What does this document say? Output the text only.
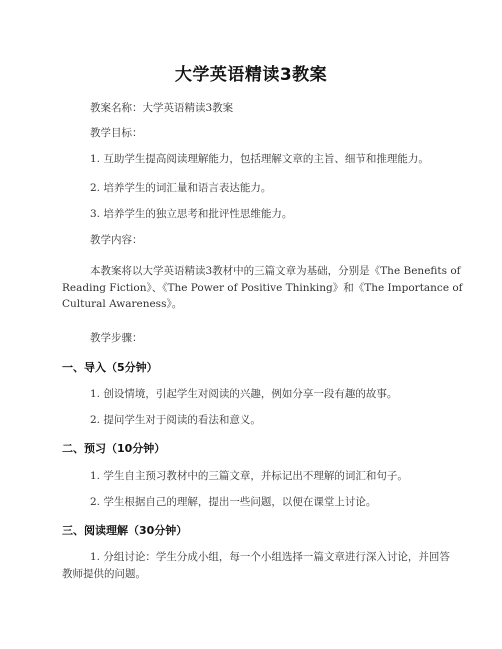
大学英语精读3教案
教案名称：大学英语精读3教案
教学目标：
1. 互助学生提高阅读理解能力，包括理解文章的主旨、细节和推理能力。
2. 培养学生的词汇量和语言表达能力。
3. 培养学生的独立思考和批评性思维能力。
教学内容：
本教案将以大学英语精读3教材中的三篇文章为基础，分别是《The Benefits of
Reading Fiction》、《The Power of Positive Thinking》和《The Importance of
Cultural Awareness》。
教学步骤：
一、导入（5分钟）
1. 创设情境，引起学生对阅读的兴趣，例如分享一段有趣的故事。
2. 提问学生对于阅读的看法和意义。
二、预习（10分钟）
1. 学生自主预习教材中的三篇文章，并标记出不理解的词汇和句子。
2. 学生根据自己的理解，提出一些问题，以便在课堂上讨论。
三、阅读理解（30分钟）
1. 分组讨论：学生分成小组，每一个小组选择一篇文章进行深入讨论，并回答
教师提供的问题。
